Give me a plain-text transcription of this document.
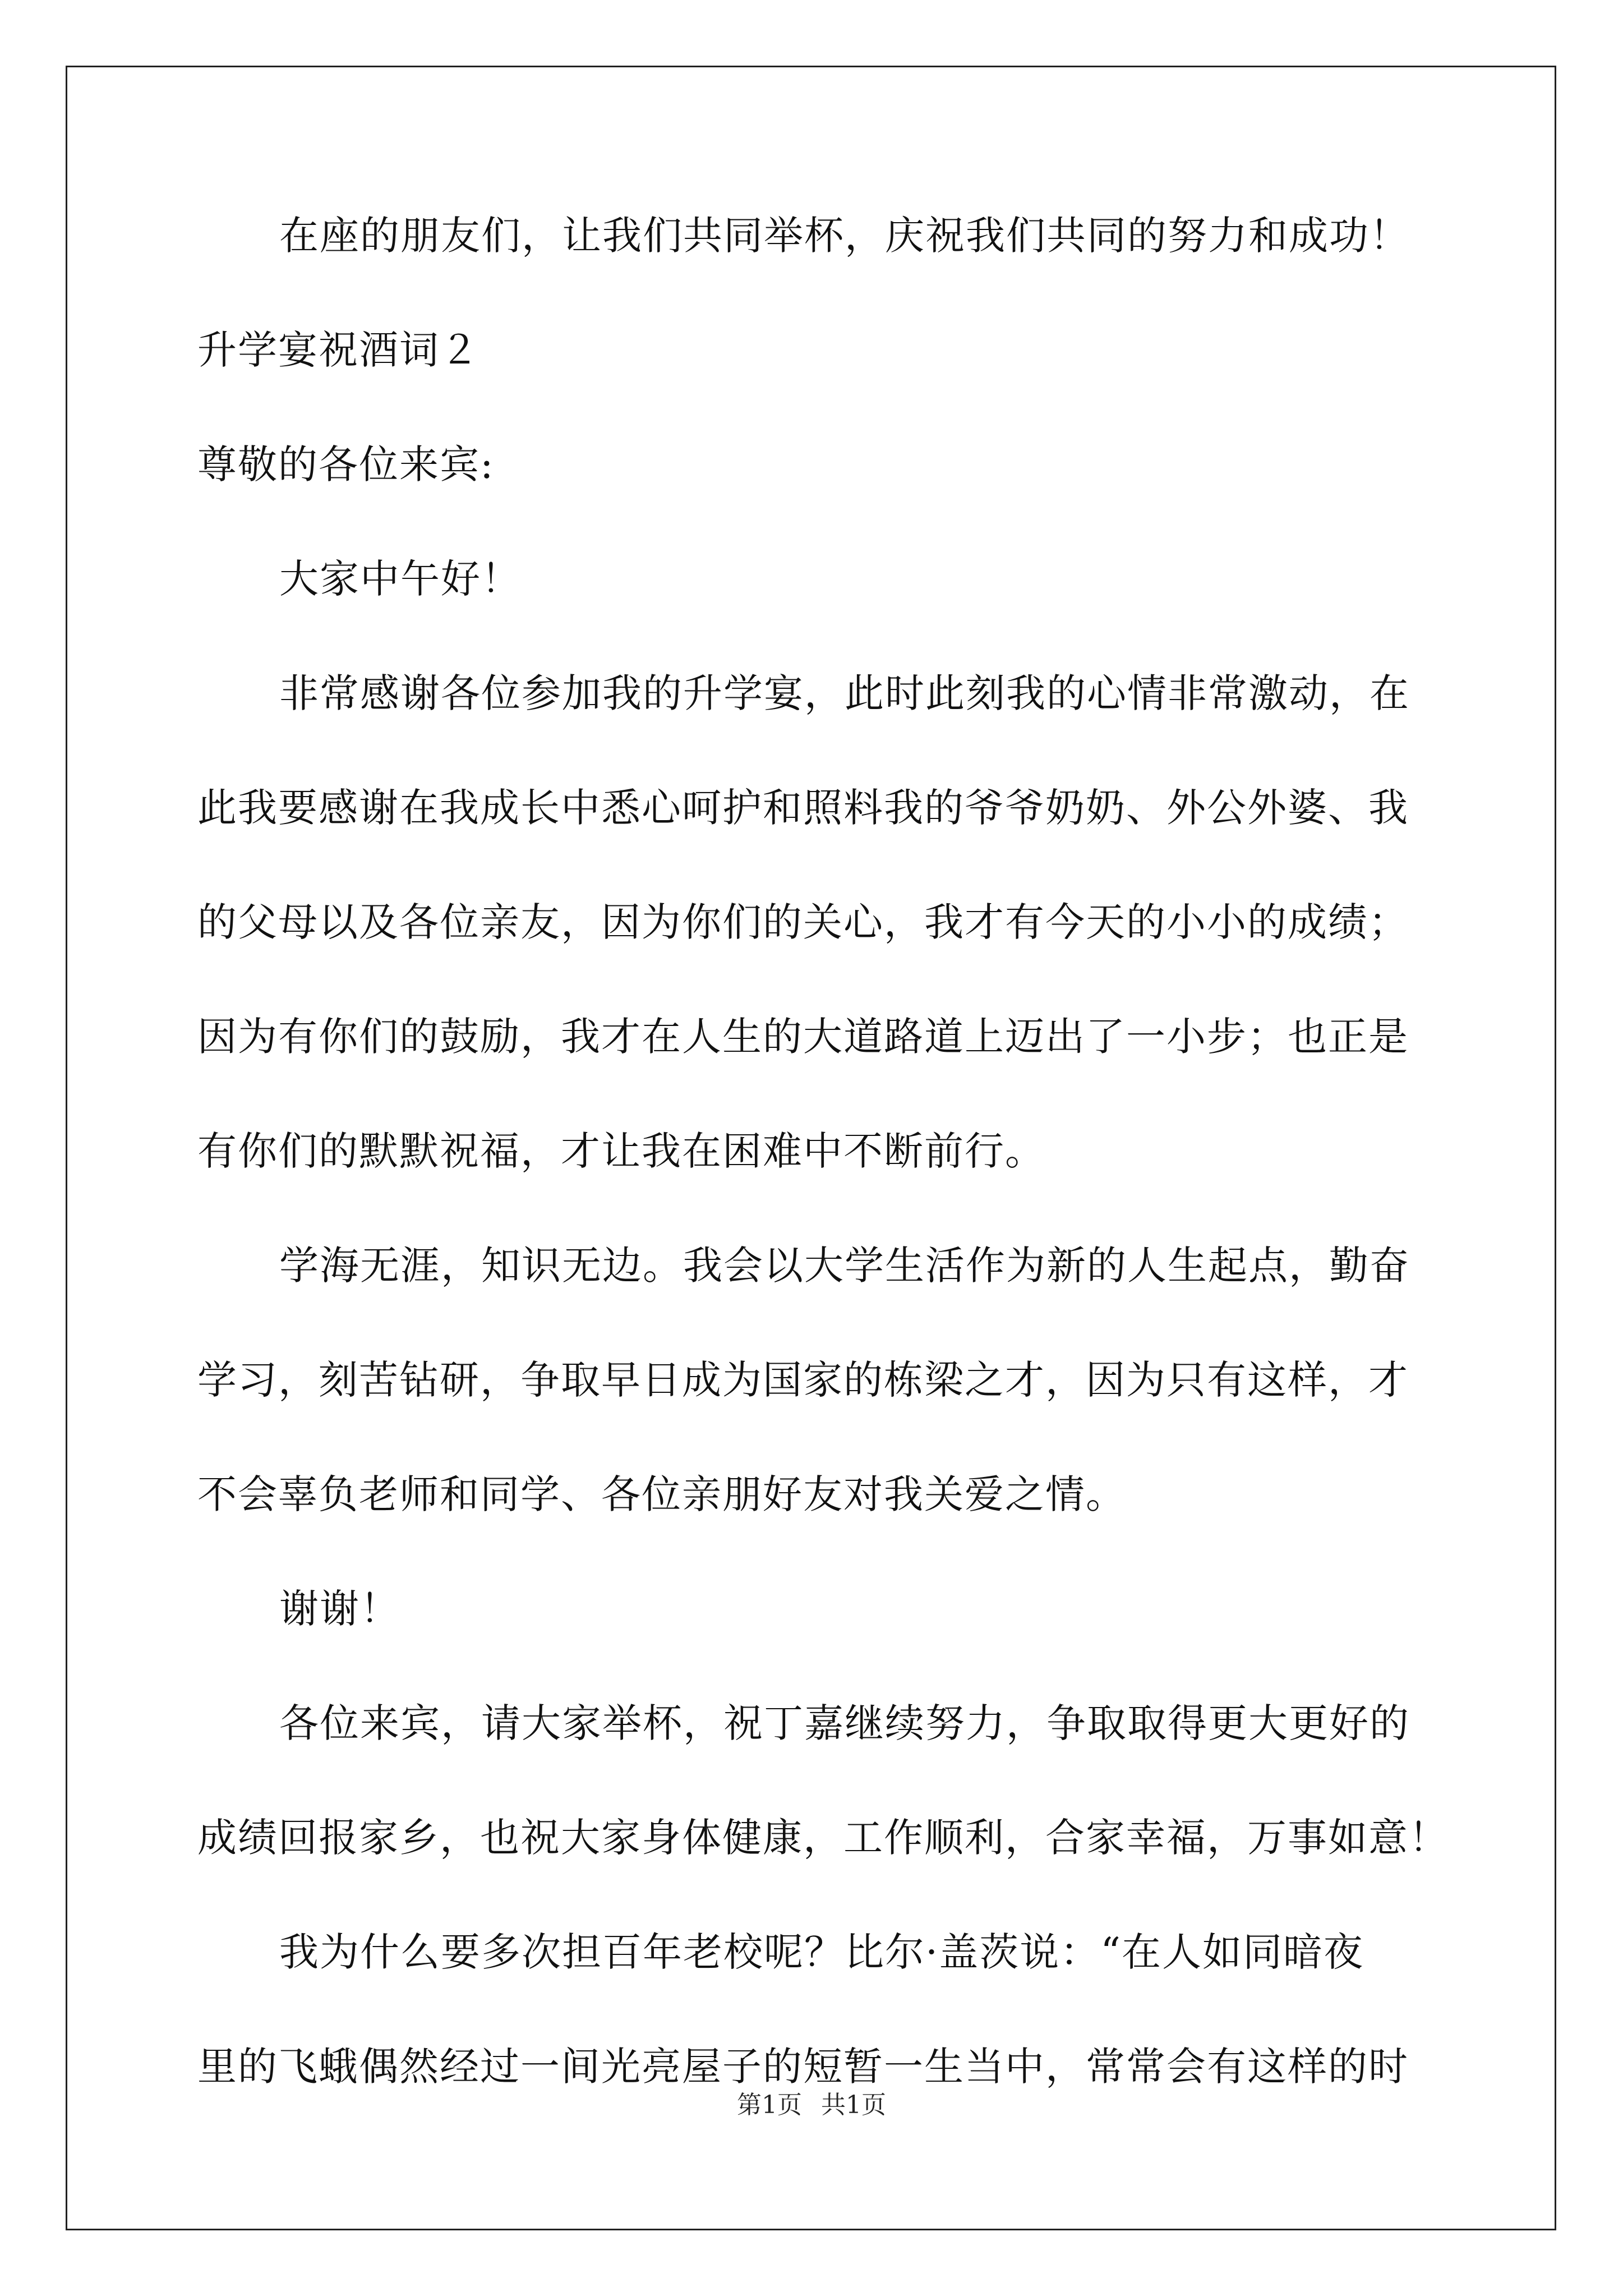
在座的朋友们，让我们共同举杯，庆祝我们共同的努力和成功！

升学宴祝酒词２

尊敬的各位来宾:

大家中午好！

非常感谢各位参加我的升学宴，此时此刻我的心情非常激动，在

此我要感谢在我成长中悉心呵护和照料我的爷爷奶奶、外公外婆、我

的父母以及各位亲友，因为你们的关心，我才有今天的小小的成绩；

因为有你们的鼓励，我才在人生的大道路道上迈出了一小步；也正是

有你们的默默祝福，才让我在困难中不断前行。

学海无涯，知识无边。我会以大学生活作为新的人生起点，勤奋

学习，刻苦钻研，争取早日成为国家的栋梁之才，因为只有这样，才

不会辜负老师和同学、各位亲朋好友对我关爱之情。

谢谢！

各位来宾，请大家举杯，祝丁嘉继续努力，争取取得更大更好的

成绩回报家乡，也祝大家身体健康，工作顺利，合家幸福，万事如意！

我为什么要多次担百年老校呢？比尔·盖茨说：“在人如同暗夜

里的飞蛾偶然经过一间光亮屋子的短暂一生当中，常常会有这样的时

第1页 共1页
